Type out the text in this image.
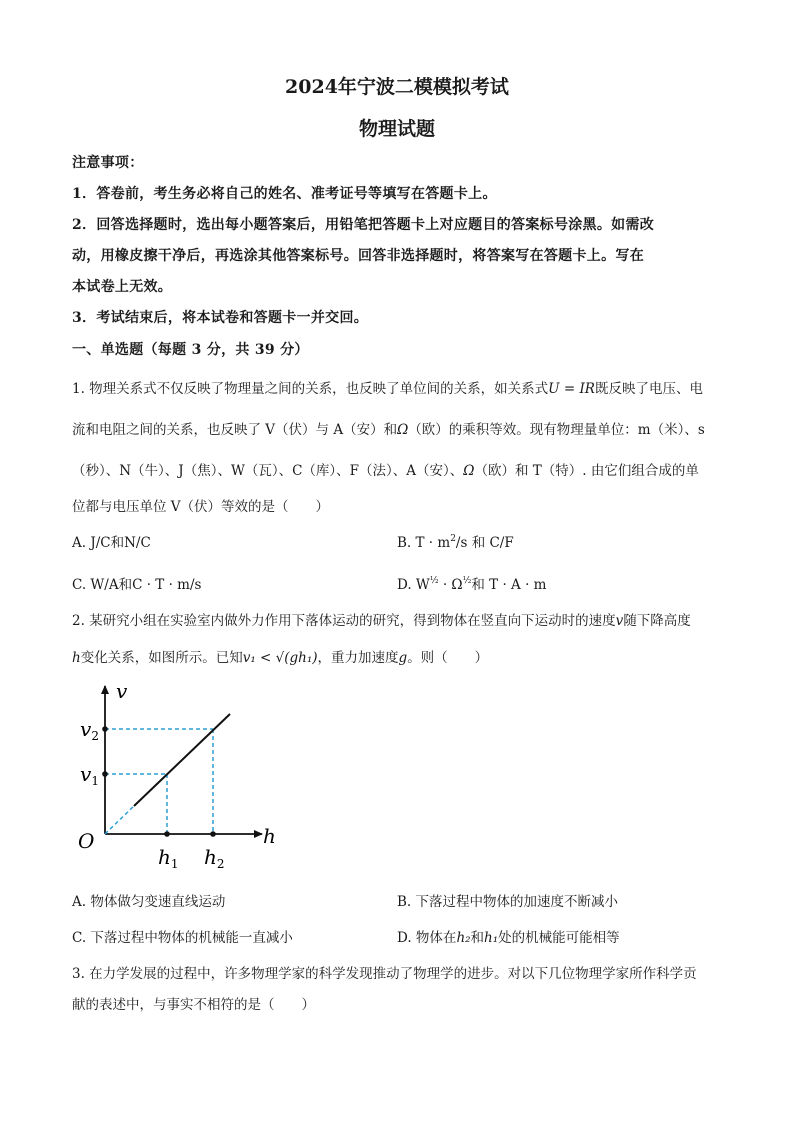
2024年宁波二模模拟考试
物理试题
注意事项：
1．答卷前，考生务必将自己的姓名、准考证号等填写在答题卡上。
2．回答选择题时，选出每小题答案后，用铅笔把答题卡上对应题目的答案标号涂黑。如需改
动，用橡皮擦干净后，再选涂其他答案标号。回答非选择题时，将答案写在答题卡上。写在
本试卷上无效。
3．考试结束后，将本试卷和答题卡一并交回。
一、单选题（每题 3 分，共 39 分）
1. 物理关系式不仅反映了物理量之间的关系，也反映了单位间的关系，如关系式U = IR既反映了电压、电
流和电阻之间的关系，也反映了 V（伏）与 A（安）和Ω（欧）的乘积等效。现有物理量单位：m（米）、s
（秒）、N（牛）、J（焦）、W（瓦）、C（库）、F（法）、A（安）、Ω（欧）和 T（特）. 由它们组合成的单
位都与电压单位 V（伏）等效的是（　　）
A. J/C和N/C	B. $T \cdot m^2/s$ 和 C/F
C. W/A和C · T · m/s	D. $W^{\frac{1}{2}} \cdot \Omega^{\frac{1}{2}}$和 T · A · m
2. 某研究小组在实验室内做外力作用下落体运动的研究，得到物体在竖直向下运动时的速度v随下降高度
h变化关系，如图所示。已知v₁ < √(gh₁)，重力加速度g。则（　　）
v
h
O
$v_2$
$v_1$
$h_1$ $h_2$
A. 物体做匀变速直线运动	B. 下落过程中物体的加速度不断减小
C. 下落过程中物体的机械能一直减小	D. 物体在h₂和h₁处的机械能可能相等
3. 在力学发展的过程中，许多物理学家的科学发现推动了物理学的进步。对以下几位物理学家所作科学贡
献的表述中，与事实不相符的是（　　）
